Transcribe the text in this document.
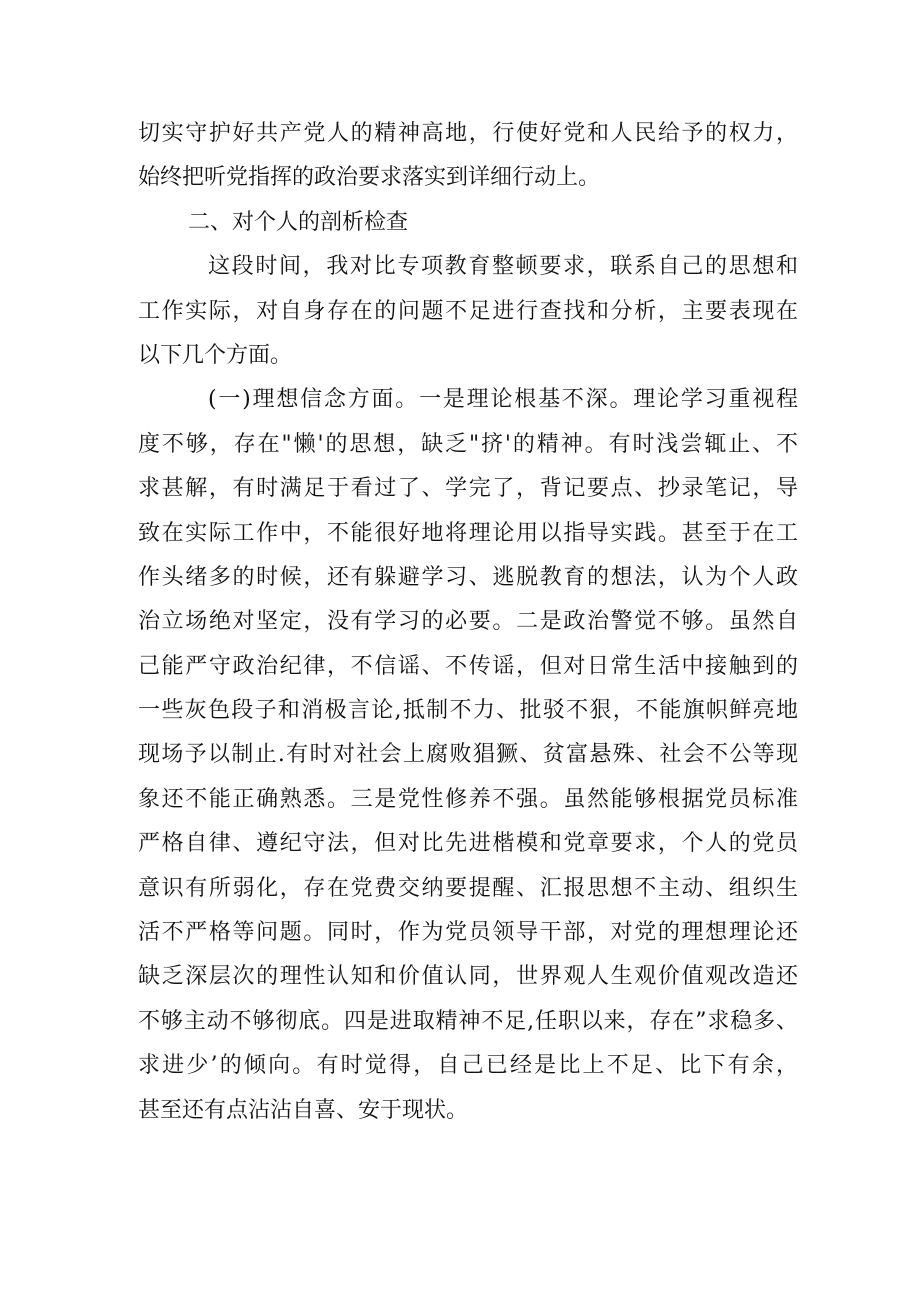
切实守护好共产党人的精神高地，行使好党和人民给予的权力，
始终把听党指挥的政治要求落实到详细行动上。
二、对个人的剖析检查
这段时间，我对比专项教育整顿要求，联系自己的思想和
工作实际，对自身存在的问题不足进行查找和分析，主要表现在
以下几个方面。
(一)理想信念方面。一是理论根基不深。理论学习重视程
度不够，存在"懒'的思想，缺乏"挤'的精神。有时浅尝辄止、不
求甚解，有时满足于看过了、学完了，背记要点、抄录笔记，导
致在实际工作中，不能很好地将理论用以指导实践。甚至于在工
作头绪多的时候，还有躲避学习、逃脱教育的想法，认为个人政
治立场绝对坚定，没有学习的必要。二是政治警觉不够。虽然自
己能严守政治纪律，不信谣、不传谣，但对日常生活中接触到的
一些灰色段子和消极言论,抵制不力、批驳不狠，不能旗帜鲜亮地
现场予以制止.有时对社会上腐败猖獗、贫富悬殊、社会不公等现
象还不能正确熟悉。三是党性修养不强。虽然能够根据党员标准
严格自律、遵纪守法，但对比先进楷模和党章要求，个人的党员
意识有所弱化，存在党费交纳要提醒、汇报思想不主动、组织生
活不严格等问题。同时，作为党员领导干部，对党的理想理论还
缺乏深层次的理性认知和价值认同，世界观人生观价值观改造还
不够主动不够彻底。四是进取精神不足,任职以来，存在”求稳多、
求进少’的倾向。有时觉得，自己已经是比上不足、比下有余，
甚至还有点沾沾自喜、安于现状。
